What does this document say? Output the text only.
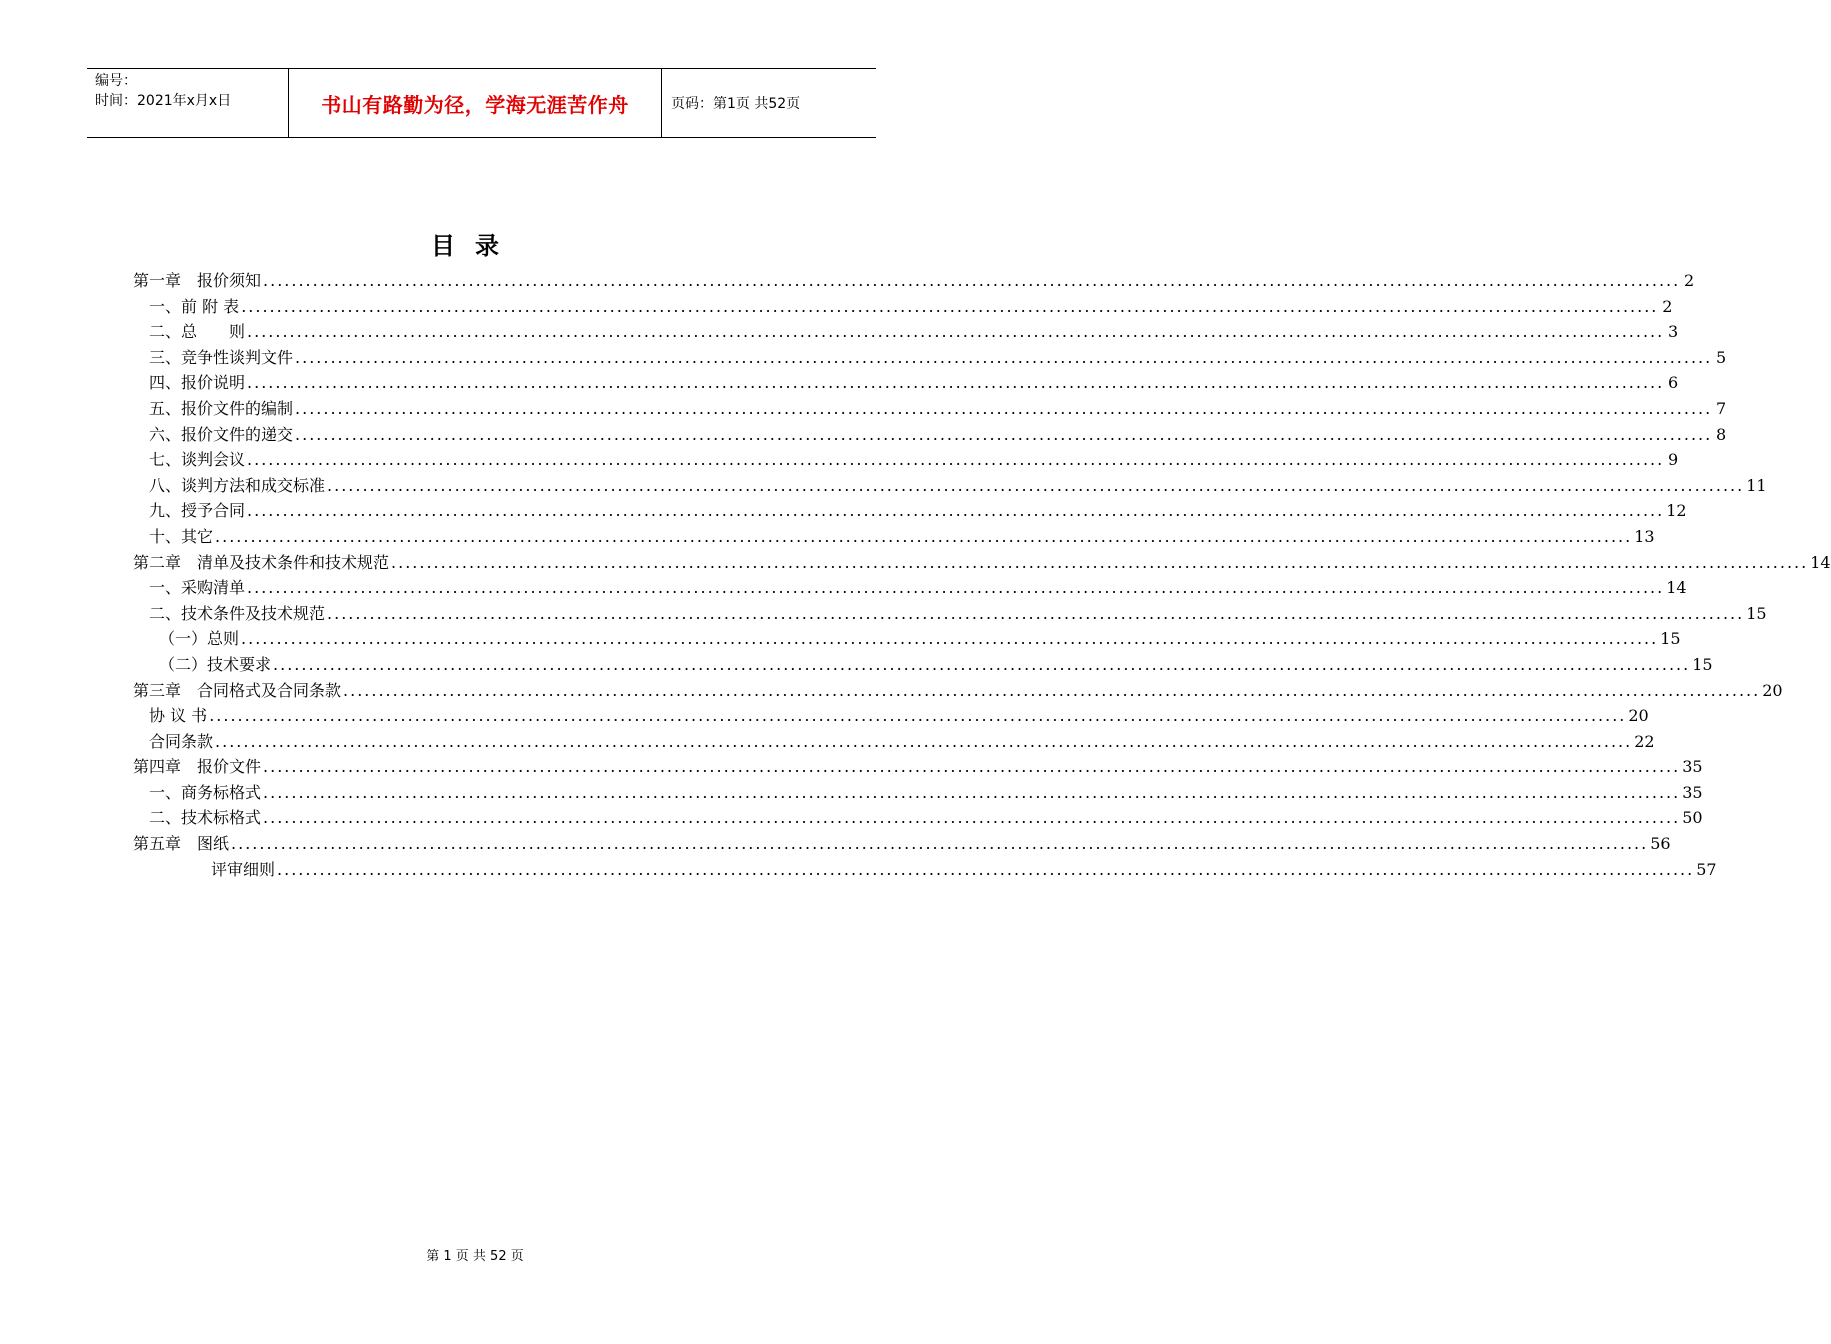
编号：
时间：2021年x月x日	书山有路勤为径，学海无涯苦作舟	页码：第1页 共52页
目录
第一章　报价须知 ........................................................................................................................................................................................................ 2
一、前 附 表 ........................................................................................................................................................................................................ 2
二、总　　则 ........................................................................................................................................................................................................ 3
三、竞争性谈判文件 ........................................................................................................................................................................................................ 5
四、报价说明 ........................................................................................................................................................................................................ 6
五、报价文件的编制 ........................................................................................................................................................................................................ 7
六、报价文件的递交 ........................................................................................................................................................................................................ 8
七、谈判会议 ........................................................................................................................................................................................................ 9
八、谈判方法和成交标准 ........................................................................................................................................................................................................ 11
九、授予合同 ........................................................................................................................................................................................................ 12
十、其它 ........................................................................................................................................................................................................ 13
第二章　清单及技术条件和技术规范 ........................................................................................................................................................................................................ 14
一、采购清单 ........................................................................................................................................................................................................ 14
二、技术条件及技术规范 ........................................................................................................................................................................................................ 15
（一）总则 ........................................................................................................................................................................................................ 15
（二）技术要求 ........................................................................................................................................................................................................ 15
第三章　合同格式及合同条款 ........................................................................................................................................................................................................ 20
协 议 书 ........................................................................................................................................................................................................ 20
合同条款 ........................................................................................................................................................................................................ 22
第四章　报价文件 ........................................................................................................................................................................................................ 35
一、商务标格式 ........................................................................................................................................................................................................ 35
二、技术标格式 ........................................................................................................................................................................................................ 50
第五章　图纸 ........................................................................................................................................................................................................ 56
评审细则 ........................................................................................................................................................................................................ 57
第 1 页 共 52 页
